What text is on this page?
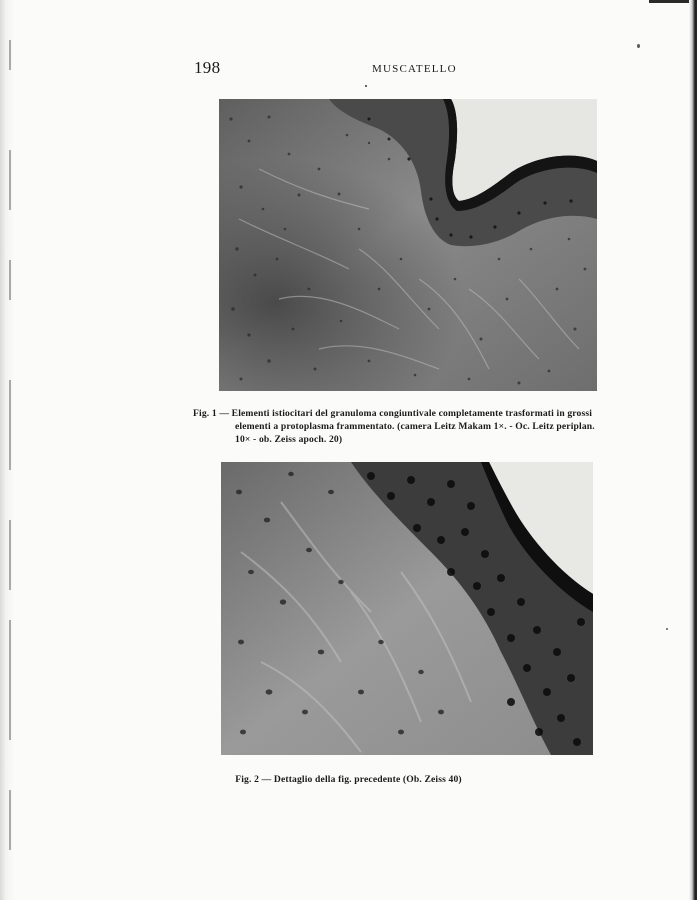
198	MUSCATELLO
Fig. 1 — Elementi istiocitari del granuloma congiuntivale completamente trasformati in grossi
elementi a protoplasma frammentato. (camera Leitz Makam 1×. - Oc. Leitz periplan.
10× - ob. Zeiss apoch. 20)
Fig. 2 — Dettaglio della fig. precedente (Ob. Zeiss 40)
